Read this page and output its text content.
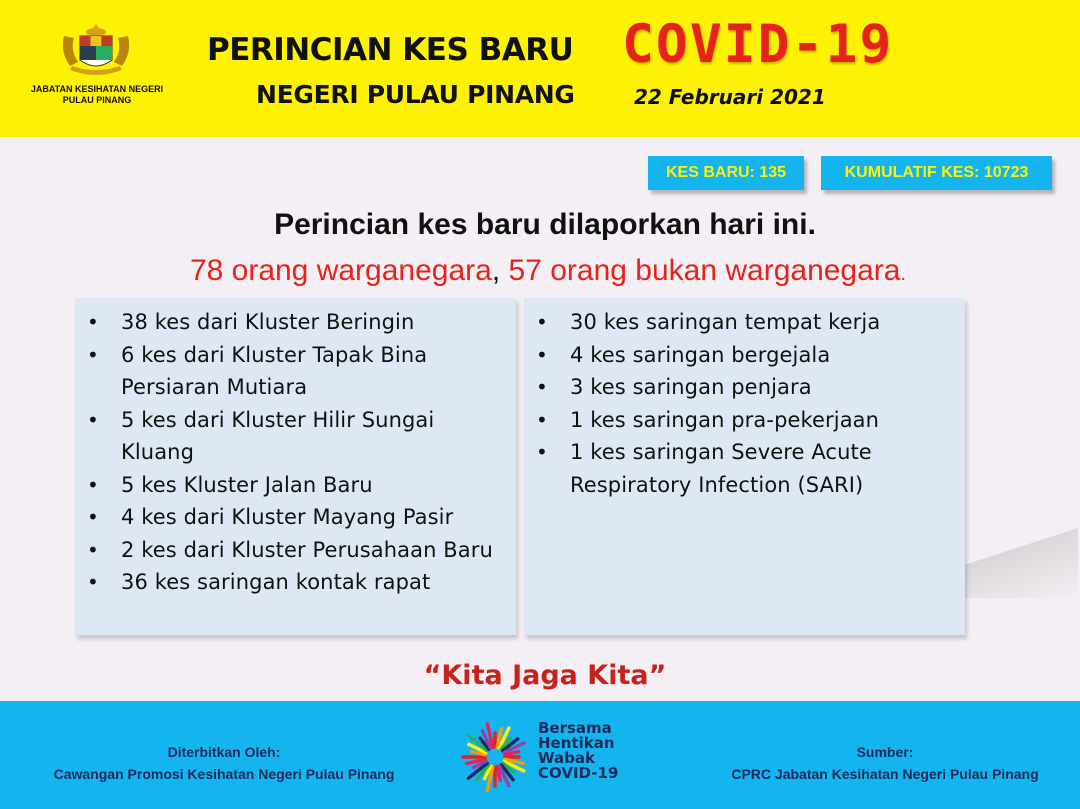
JABATAN KESIHATAN NEGERI
PULAU PINANG
PERINCIAN KES BARU COVID-19
NEGERI PULAU PINANG	22 Februari 2021
KES BARU: 135	KUMULATIF KES: 10723
Perincian kes baru dilaporkan hari ini.
78 orang warganegara, 57 orang bukan warganegara.
•	38 kes dari Kluster Beringin
•	6 kes dari Kluster Tapak Bina Persiaran Mutiara
•	5 kes dari Kluster Hilir Sungai Kluang
•	5 kes Kluster Jalan Baru
•	4 kes dari Kluster Mayang Pasir
•	2 kes dari Kluster Perusahaan Baru
•	36 kes saringan kontak rapat
•	30 kes saringan tempat kerja
•	4 kes saringan bergejala
•	3 kes saringan penjara
•	1 kes saringan pra-pekerjaan
•	1 kes saringan Severe Acute Respiratory Infection (SARI)
“Kita Jaga Kita”
Diterbitkan Oleh:
Cawangan Promosi Kesihatan Negeri Pulau Pinang
Bersama
Hentikan
Wabak
COVID-19
Sumber:
CPRC Jabatan Kesihatan Negeri Pulau Pinang
